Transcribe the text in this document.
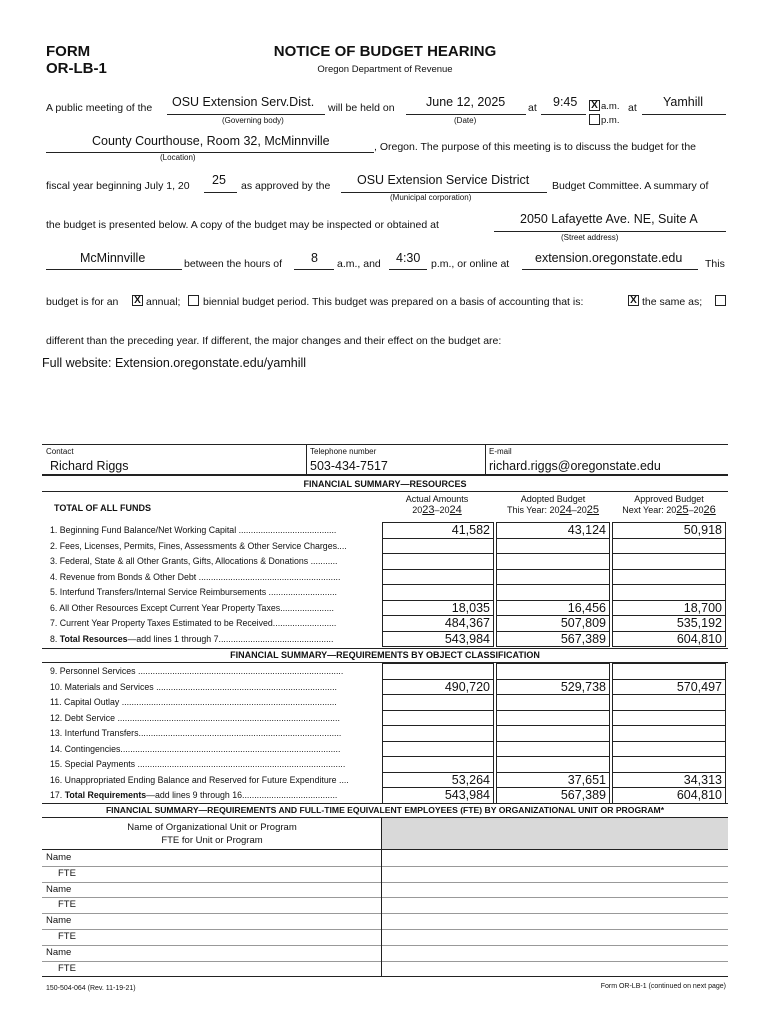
FORM
OR-LB-1
NOTICE OF BUDGET HEARING
Oregon Department of Revenue
A public meeting of the OSU Extension Serv.Dist. will be held on	June 12, 2025 at 9:45 X a.m. at Yamhill
p.m.
(Governing body)	(Date)
County Courthouse, Room 32, McMinnville	, Oregon. The purpose of this meeting is to discuss the budget for the
(Location)
fiscal year beginning July 1, 20 25 as approved by the OSU Extension Service District Budget Committee. A summary of
(Municipal corporation)
the budget is presented below. A copy of the budget may be inspected or obtained at	2050 Lafayette Ave. NE, Suite A
(Street address)
McMinnville	between the hours of 8 a.m., and 4:30 p.m., or online at extension.oregonstate.edu This
budget is for an X annual; biennial budget period. This budget was prepared on a basis of accounting that is:	X the same as;
different than the preceding year. If different, the major changes and their effect on the budget are:
Full website: Extension.oregonstate.edu/yamhill
Contact	Telephone number	E-mail
Richard Riggs	503-434-7517	richard.riggs@oregonstate.edu
FINANCIAL SUMMARY—RESOURCES
TOTAL OF ALL FUNDS
Actual Amounts
2023–2024
Adopted Budget
This Year: 2024–2025
Approved Budget
Next Year: 2025–2026
1. Beginning Fund Balance/Net Working Capital ........................................	41,582	43,124	50,918
2. Fees, Licenses, Permits, Fines, Assessments & Other Service Charges....
3. Federal, State & all Other Grants, Gifts, Allocations & Donations ...........
4. Revenue from Bonds & Other Debt ..........................................................
5. Interfund Transfers/Internal Service Reimbursements ............................
6. All Other Resources Except Current Year Property Taxes......................	18,035	16,456	18,700
7. Current Year Property Taxes Estimated to be Received..........................	484,367	507,809	535,192
8. Total Resources—add lines 1 through 7...............................................	543,984	567,389	604,810
FINANCIAL SUMMARY—REQUIREMENTS BY OBJECT CLASSIFICATION
9. Personnel Services ....................................................................................
10. Materials and Services ..........................................................................	490,720	529,738	570,497
11. Capital Outlay ........................................................................................
12. Debt Service ...........................................................................................
13. Interfund Transfers...................................................................................
14. Contingencies..........................................................................................
15. Special Payments .....................................................................................
16. Unappropriated Ending Balance and Reserved for Future Expenditure ....	53,264	37,651	34,313
17. Total Requirements—add lines 9 through 16.......................................	543,984	567,389	604,810
FINANCIAL SUMMARY—REQUIREMENTS AND FULL-TIME EQUIVALENT EMPLOYEES (FTE) BY ORGANIZATIONAL UNIT OR PROGRAM*
Name of Organizational Unit or Program
FTE for Unit or Program
Name
FTE
Name
FTE
Name
FTE
Name
FTE
150-504-064 (Rev. 11-19-21)	Form OR-LB-1 (continued on next page)
